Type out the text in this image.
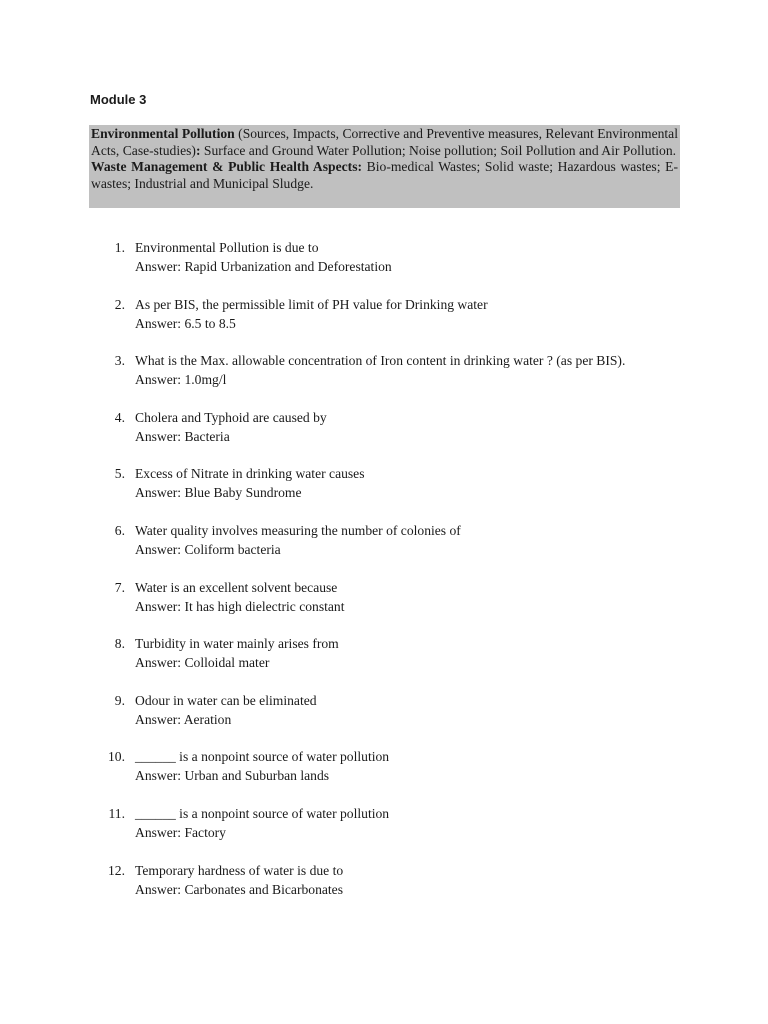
Module 3

Environmental Pollution (Sources, Impacts, Corrective and Preventive measures, Relevant Environmental Acts, Case-studies): Surface and Ground Water Pollution; Noise pollution; Soil Pollution and Air Pollution.

Waste Management & Public Health Aspects: Bio-medical Wastes; Solid waste; Hazardous wastes; E-wastes; Industrial and Municipal Sludge.

1. Environmental Pollution is due to
Answer: Rapid Urbanization and Deforestation
2. As per BIS, the permissible limit of PH value for Drinking water
Answer: 6.5 to 8.5
3. What is the Max. allowable concentration of Iron content in drinking water ? (as per BIS).
Answer: 1.0mg/l
4. Cholera and Typhoid are caused by
Answer: Bacteria
5. Excess of Nitrate in drinking water causes
Answer: Blue Baby Sundrome
6. Water quality involves measuring the number of colonies of
Answer: Coliform bacteria
7. Water is an excellent solvent because
Answer: It has high dielectric constant
8. Turbidity in water mainly arises from
Answer: Colloidal mater
9. Odour in water can be eliminated
Answer: Aeration
10. ______ is a nonpoint source of water pollution
Answer: Urban and Suburban lands
11. ______ is a nonpoint source of water pollution
Answer: Factory
12. Temporary hardness of water is due to
Answer: Carbonates and Bicarbonates
